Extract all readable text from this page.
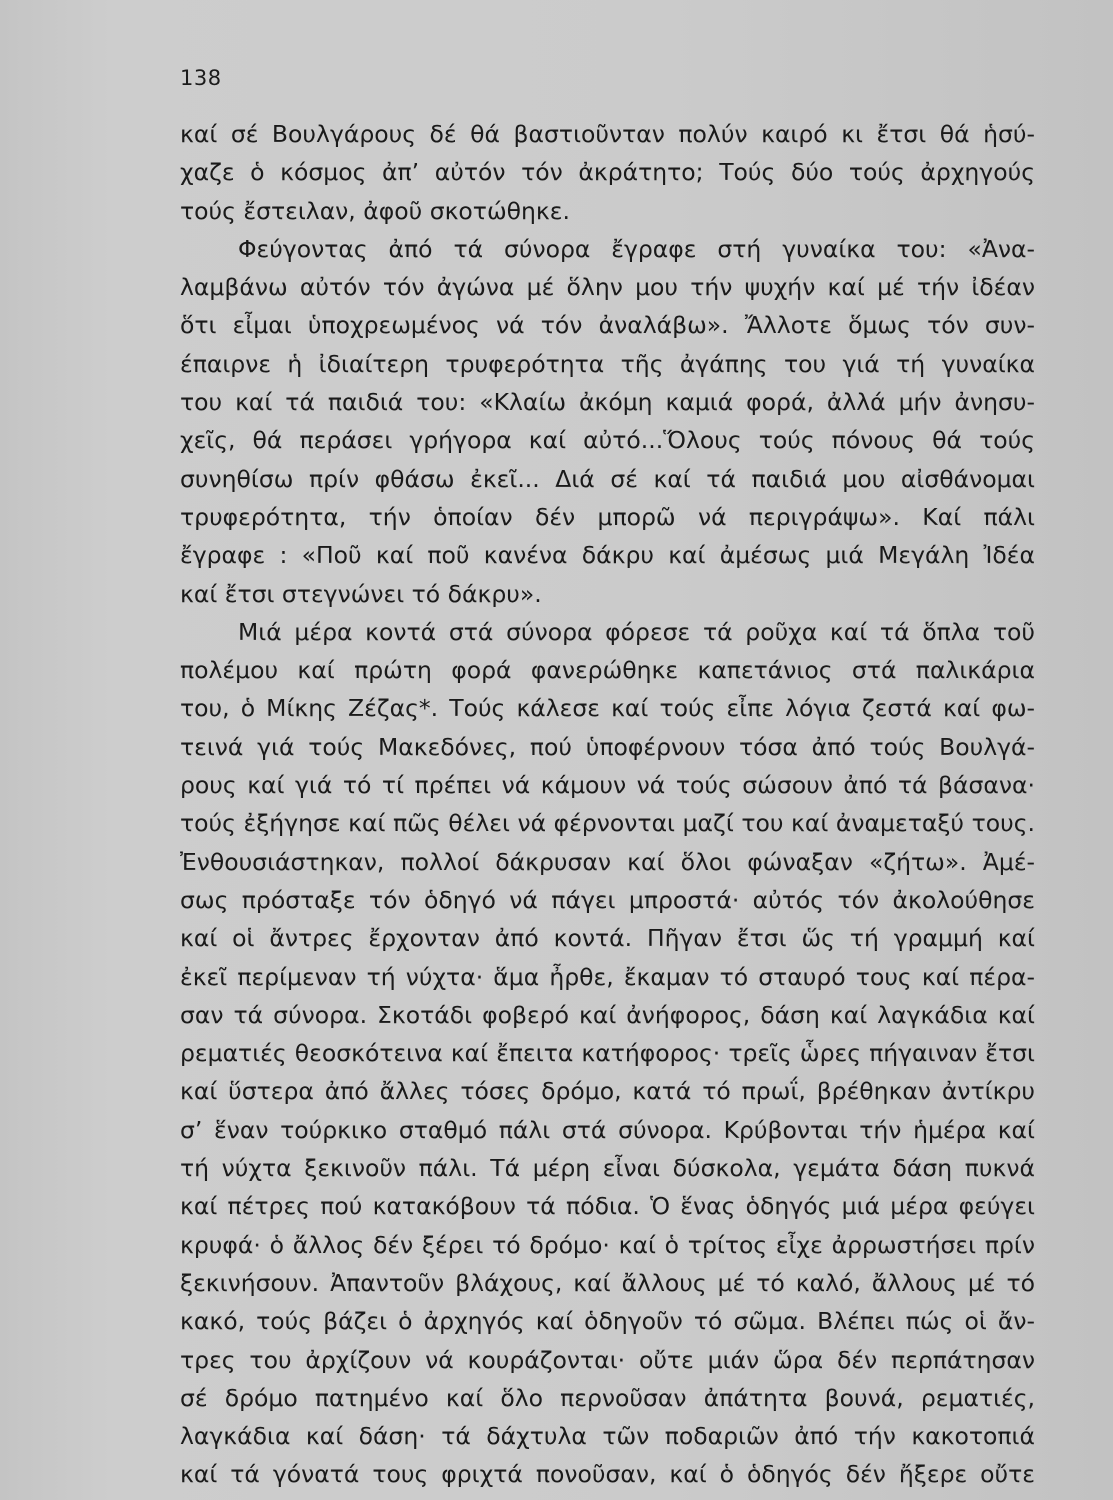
138
καί σέ Βουλγάρους δέ θά βαστιοῦνταν πολύν καιρό κι ἔτσι θά ἡσύ-
χαζε ὁ κόσμος ἀπ’ αὐτόν τόν ἀκράτητο; Τούς δύο τούς ἀρχηγούς
τούς ἔστειλαν, ἀφοῦ σκοτώθηκε.
Φεύγοντας ἀπό τά σύνορα ἔγραφε στή γυναίκα του: «Ἀνα-
λαμβάνω αὐτόν τόν ἀγώνα μέ ὅλην μου τήν ψυχήν καί μέ τήν ἰδέαν
ὅτι εἶμαι ὑποχρεωμένος νά τόν ἀναλάβω». Ἄλλοτε ὅμως τόν συν-
έπαιρνε ἡ ἰδιαίτερη τρυφερότητα τῆς ἀγάπης του γιά τή γυναίκα
του καί τά παιδιά του: «Κλαίω ἀκόμη καμιά φορά, ἀλλά μήν ἀνησυ-
χεῖς, θά περάσει γρήγορα καί αὐτό...Ὅλους τούς πόνους θά τούς
συνηθίσω πρίν φθάσω ἐκεῖ... Διά σέ καί τά παιδιά μου αἰσθάνομαι
τρυφερότητα, τήν ὁποίαν δέν μπορῶ νά περιγράψω». Καί πάλι
ἔγραφε : «Ποῦ καί ποῦ κανένα δάκρυ καί ἀμέσως μιά Μεγάλη Ἰδέα
καί ἔτσι στεγνώνει τό δάκρυ».
Μιά μέρα κοντά στά σύνορα φόρεσε τά ροῦχα καί τά ὅπλα τοῦ
πολέμου καί πρώτη φορά φανερώθηκε καπετάνιος στά παλικάρια
του, ὁ Μίκης Ζέζας*. Τούς κάλεσε καί τούς εἶπε λόγια ζεστά καί φω-
τεινά γιά τούς Μακεδόνες, πού ὑποφέρνουν τόσα ἀπό τούς Βουλγά-
ρους καί γιά τό τί πρέπει νά κάμουν νά τούς σώσουν ἀπό τά βάσανα·
τούς ἐξήγησε καί πῶς θέλει νά φέρνονται μαζί του καί ἀναμεταξύ τους.
Ἐνθουσιάστηκαν, πολλοί δάκρυσαν καί ὅλοι φώναξαν «ζήτω». Ἀμέ-
σως πρόσταξε τόν ὁδηγό νά πάγει μπροστά· αὐτός τόν ἀκολούθησε
καί οἱ ἄντρες ἔρχονταν ἀπό κοντά. Πῆγαν ἔτσι ὥς τή γραμμή καί
ἐκεῖ περίμεναν τή νύχτα· ἅμα ἦρθε, ἔκαμαν τό σταυρό τους καί πέρα-
σαν τά σύνορα. Σκοτάδι φοβερό καί ἀνήφορος, δάση καί λαγκάδια καί
ρεματιές θεοσκότεινα καί ἔπειτα κατήφορος· τρεῖς ὧρες πήγαιναν ἔτσι
καί ὕστερα ἀπό ἄλλες τόσες δρόμο, κατά τό πρωΐ, βρέθηκαν ἀντίκρυ
σ’ ἕναν τούρκικο σταθμό πάλι στά σύνορα. Κρύβονται τήν ἡμέρα καί
τή νύχτα ξεκινοῦν πάλι. Τά μέρη εἶναι δύσκολα, γεμάτα δάση πυκνά
καί πέτρες πού κατακόβουν τά πόδια. Ὁ ἕνας ὁδηγός μιά μέρα φεύγει
κρυφά· ὁ ἄλλος δέν ξέρει τό δρόμο· καί ὁ τρίτος εἶχε ἀρρωστήσει πρίν
ξεκινήσουν. Ἀπαντοῦν βλάχους, καί ἄλλους μέ τό καλό, ἄλλους μέ τό
κακό, τούς βάζει ὁ ἀρχηγός καί ὁδηγοῦν τό σῶμα. Βλέπει πώς οἱ ἄν-
τρες του ἀρχίζουν νά κουράζονται· οὔτε μιάν ὥρα δέν περπάτησαν
σέ δρόμο πατημένο καί ὅλο περνοῦσαν ἀπάτητα βουνά, ρεματιές,
λαγκάδια καί δάση· τά δάχτυλα τῶν ποδαριῶν ἀπό τήν κακοτοπιά
καί τά γόνατά τους φριχτά πονοῦσαν, καί ὁ ὁδηγός δέν ἤξερε οὔτε
